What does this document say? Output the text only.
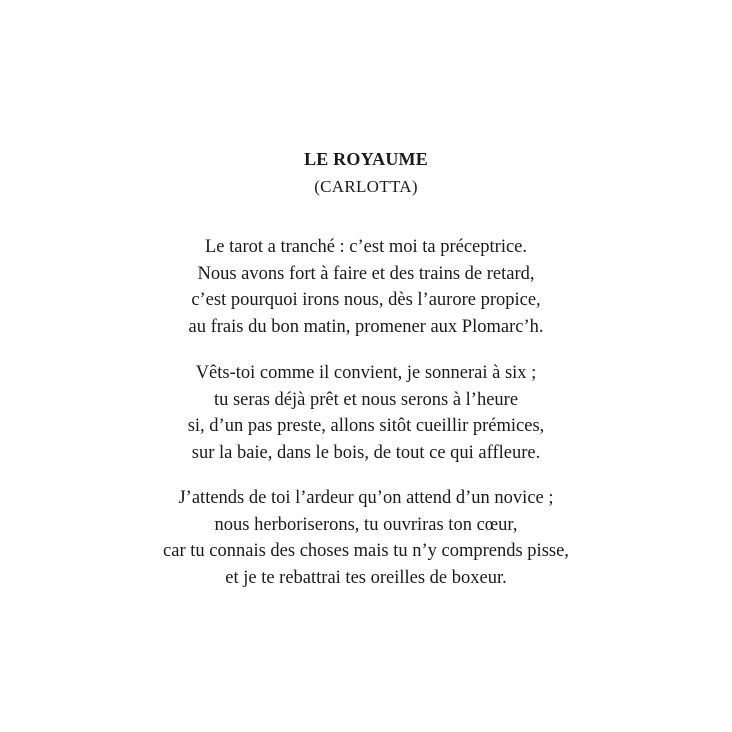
LE ROYAUME
(CARLOTTA)
Le tarot a tranché : c’est moi ta préceptrice.
Nous avons fort à faire et des trains de retard,
c’est pourquoi irons nous, dès l’aurore propice,
au frais du bon matin, promener aux Plomarc’h.
Vêts-toi comme il convient, je sonnerai à six ;
tu seras déjà prêt et nous serons à l’heure
si, d’un pas preste, allons sitôt cueillir prémices,
sur la baie, dans le bois, de tout ce qui affleure.
J’attends de toi l’ardeur qu’on attend d’un novice ;
nous herboriserons, tu ouvriras ton cœur,
car tu connais des choses mais tu n’y comprends pisse,
et je te rebattrai tes oreilles de boxeur.
